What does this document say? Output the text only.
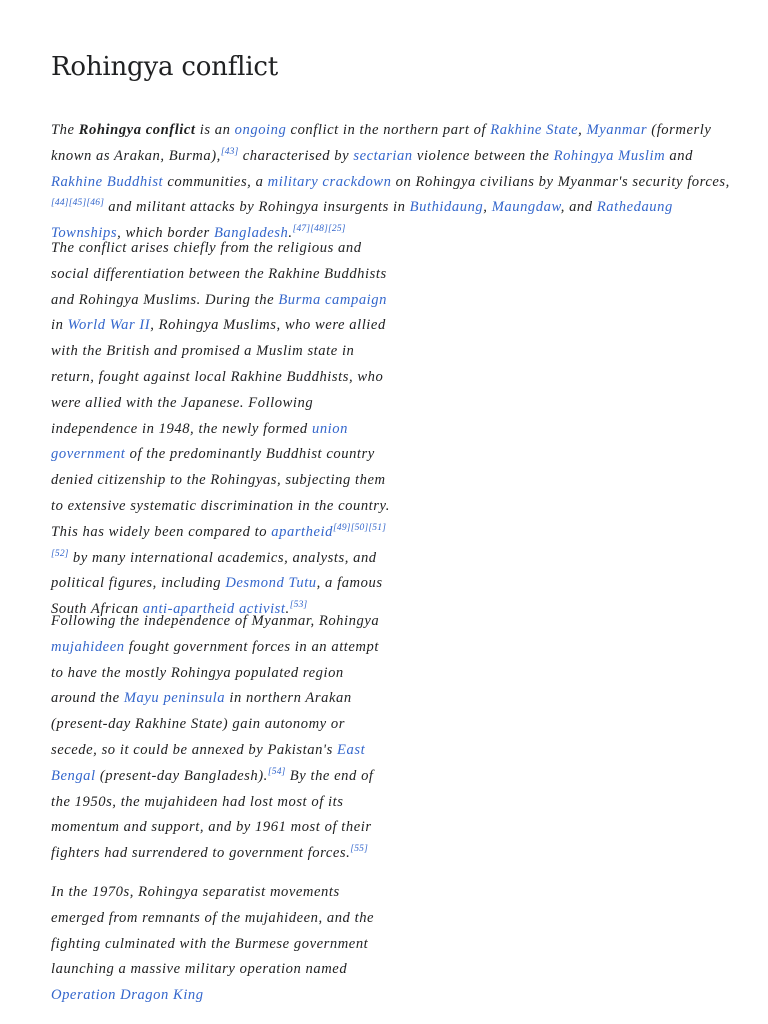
Rohingya conflict

The Rohingya conflict is an ongoing conflict in the northern part of Rakhine State, Myanmar (formerly known as Arakan, Burma),[43] characterised by sectarian violence between the Rohingya Muslim and Rakhine Buddhist communities, a military crackdown on Rohingya civilians by Myanmar's security forces,[44][45][46] and militant attacks by Rohingya insurgents in Buthidaung, Maungdaw, and Rathedaung Townships, which border Bangladesh.[47][48][25]

The conflict arises chiefly from the religious and social differentiation between the Rakhine Buddhists and Rohingya Muslims. During the Burma campaign in World War II, Rohingya Muslims, who were allied with the British and promised a Muslim state in return, fought against local Rakhine Buddhists, who were allied with the Japanese. Following independence in 1948, the newly formed union government of the predominantly Buddhist country denied citizenship to the Rohingyas, subjecting them to extensive systematic discrimination in the country. This has widely been compared to apartheid[49][50][51][52] by many international academics, analysts, and political figures, including Desmond Tutu, a famous South African anti-apartheid activist.[53]

Following the independence of Myanmar, Rohingya mujahideen fought government forces in an attempt to have the mostly Rohingya populated region around the Mayu peninsula in northern Arakan (present-day Rakhine State) gain autonomy or secede, so it could be annexed by Pakistan's East Bengal (present-day Bangladesh).[54] By the end of the 1950s, the mujahideen had lost most of its momentum and support, and by 1961 most of their fighters had surrendered to government forces.[55]

In the 1970s, Rohingya separatist movements emerged from remnants of the mujahideen, and the fighting culminated with the Burmese government launching a massive military operation named Operation Dragon King
